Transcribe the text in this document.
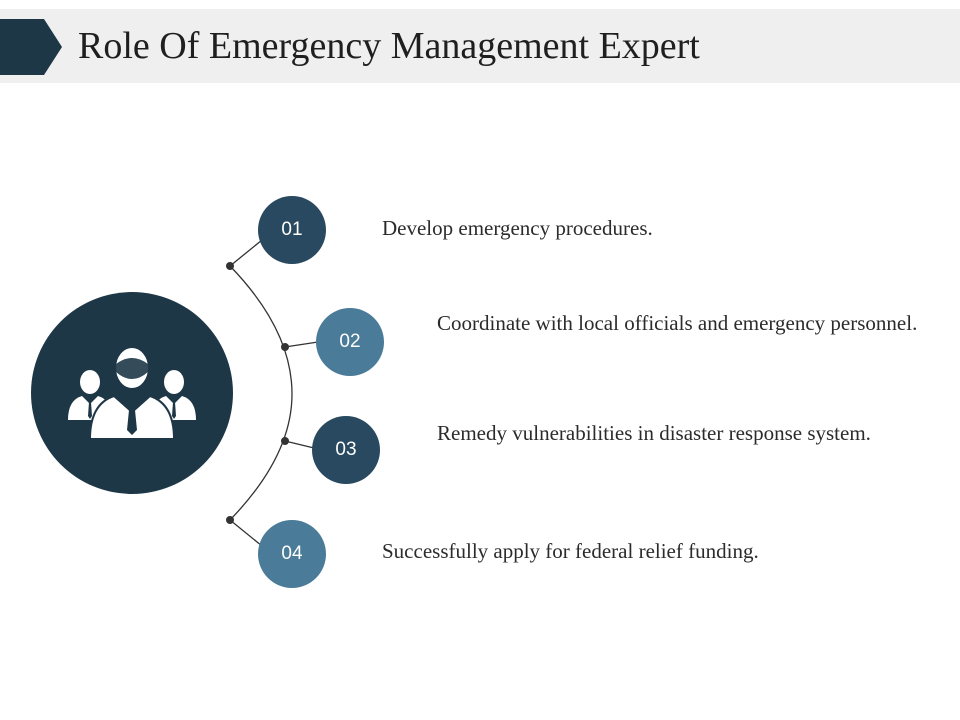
Role Of Emergency Management Expert
01	Develop emergency procedures.

02

Coordinate with local officials and emergency personnel.

03

Remedy vulnerabilities in disaster response system.

04	Successfully apply for federal relief funding.
